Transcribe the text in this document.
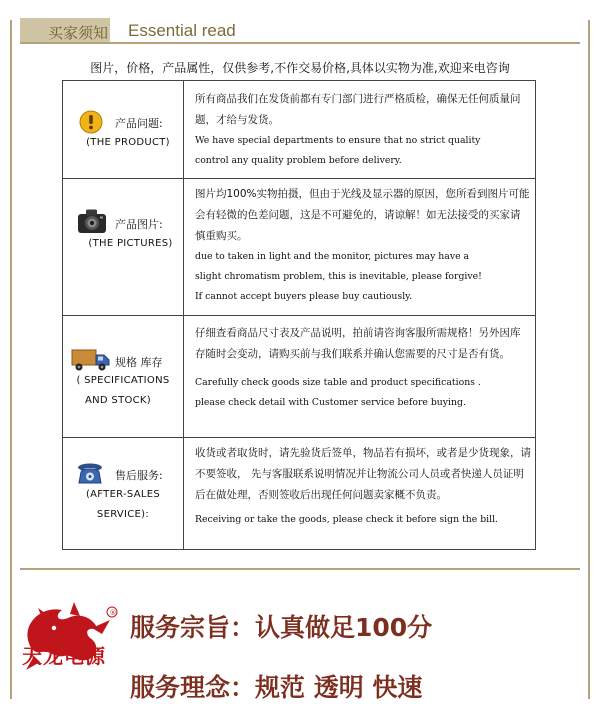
买家须知 Essential read
图片，价格，产品属性，仅供参考,不作交易价格,具体以实物为准,欢迎来电咨询
产品问题:
(THE PRODUCT)

所有商品我们在发货前都有专门部门进行严格质检，确保无任何质量问

题，才给与发货。

We have special departments to ensure that no strict quality

control any quality problem before delivery.

产品图片:
(THE PICTURES)

图片均100%实物拍摄，但由于光线及显示器的原因，您所看到图片可能

会有轻微的色差问题，这是不可避免的，请谅解！如无法接受的买家请

慎重购买。

due to taken in light and the monitor, pictures may have a

slight chromatism problem, this is inevitable, please forgive!

If cannot accept buyers please buy cautiously.

规格 库存
( SPECIFICATIONS
AND STOCK)

仔细查看商品尺寸表及产品说明，拍前请咨询客服所需规格！另外因库

存随时会变动，请购买前与我们联系并确认您需要的尺寸是否有货。

Carefully check goods size table and product specifications .

please check detail with Customer service before buying.

售后服务:
(AFTER-SALES
SERVICE):

收货或者取货时，请先验货后签单，物品若有损坏，或者是少货现象，请

不要签收， 先与客服联系说明情况并让物流公司人员或者快递人员证明

后在做处理，否则签收后出现任何问题卖家概不负责。

Receiving or take the goods, please check it before sign the bill.

®
天龙电源
服务宗旨：认真做足100分
服务理念：规范 透明 快速
